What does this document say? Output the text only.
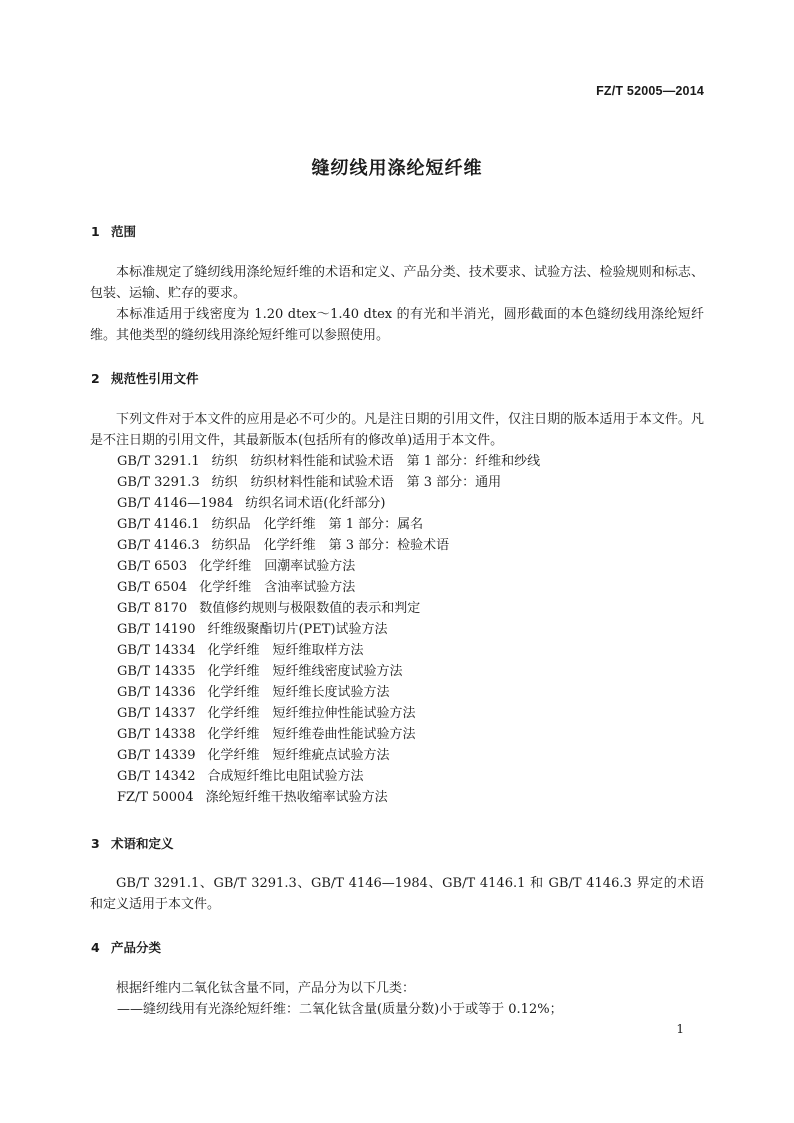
FZ/T 52005—2014
缝纫线用涤纶短纤维
1 范围

本标准规定了缝纫线用涤纶短纤维的术语和定义、产品分类、技术要求、试验方法、检验规则和标志、包装、运输、贮存的要求。

本标准适用于线密度为 1.20 dtex～1.40 dtex 的有光和半消光，圆形截面的本色缝纫线用涤纶短纤维。其他类型的缝纫线用涤纶短纤维可以参照使用。

2 规范性引用文件

下列文件对于本文件的应用是必不可少的。凡是注日期的引用文件，仅注日期的版本适用于本文件。凡是不注日期的引用文件，其最新版本(包括所有的修改单)适用于本文件。

GB/T 3291.1 纺织　纺织材料性能和试验术语　第 1 部分：纤维和纱线
GB/T 3291.3 纺织　纺织材料性能和试验术语　第 3 部分：通用
GB/T 4146—1984 纺织名词术语(化纤部分)
GB/T 4146.1 纺织品　化学纤维　第 1 部分：属名
GB/T 4146.3 纺织品　化学纤维　第 3 部分：检验术语
GB/T 6503 化学纤维　回潮率试验方法
GB/T 6504 化学纤维　含油率试验方法
GB/T 8170 数值修约规则与极限数值的表示和判定
GB/T 14190 纤维级聚酯切片(PET)试验方法
GB/T 14334 化学纤维　短纤维取样方法
GB/T 14335 化学纤维　短纤维线密度试验方法
GB/T 14336 化学纤维　短纤维长度试验方法
GB/T 14337 化学纤维　短纤维拉伸性能试验方法
GB/T 14338 化学纤维　短纤维卷曲性能试验方法
GB/T 14339 化学纤维　短纤维疵点试验方法
GB/T 14342 合成短纤维比电阻试验方法
FZ/T 50004 涤纶短纤维干热收缩率试验方法
3 术语和定义

GB/T 3291.1、GB/T 3291.3、GB/T 4146—1984、GB/T 4146.1 和 GB/T 4146.3 界定的术语和定义适用于本文件。

4 产品分类

根据纤维内二氧化钛含量不同，产品分为以下几类：

——缝纫线用有光涤纶短纤维：二氧化钛含量(质量分数)小于或等于 0.12%；
1
